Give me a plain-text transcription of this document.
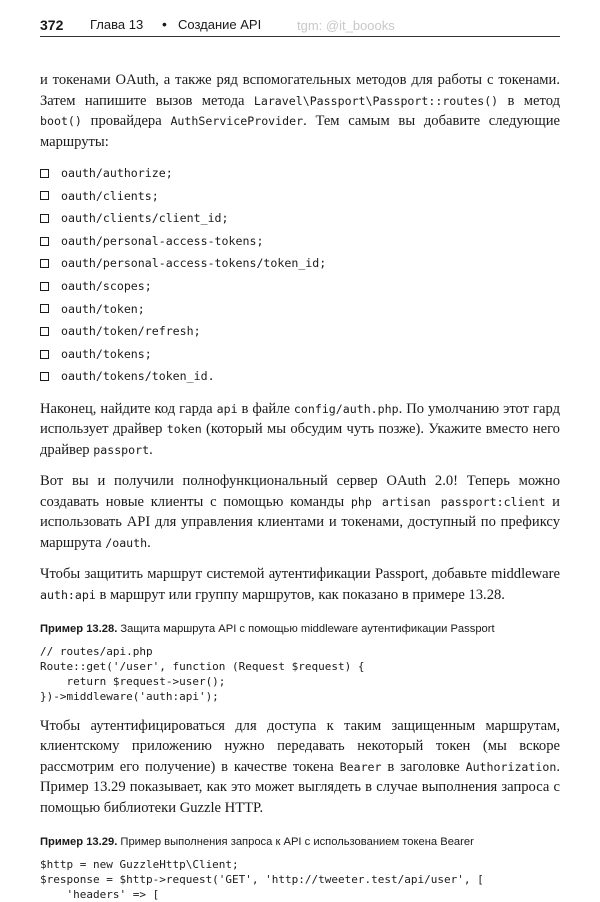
372 Глава 13 • Создание API	tgm: @it_boooks

и токенами OAuth, а также ряд вспомогательных методов для работы с токенами. Затем напишите вызов метода Laravel\Passport\Passport::routes() в метод boot() провайдера AuthServiceProvider. Тем самым вы добавите следующие маршруты:

oauth/authorize;
oauth/clients;
oauth/clients/client_id;
oauth/personal-access-tokens;
oauth/personal-access-tokens/token_id;
oauth/scopes;
oauth/token;
oauth/token/refresh;
oauth/tokens;
oauth/tokens/token_id.

Наконец, найдите код гарда api в файле config/auth.php. По умолчанию этот гард использует драйвер token (который мы обсудим чуть позже). Укажите вместо него драйвер passport.

Вот вы и получили полнофункциональный сервер OAuth 2.0! Теперь можно создавать новые клиенты с помощью команды php artisan passport:client и использовать API для управления клиентами и токенами, доступный по префиксу маршрута /oauth.

Чтобы защитить маршрут системой аутентификации Passport, добавьте middleware auth:api в маршрут или группу маршрутов, как показано в примере 13.28.

Пример 13.28. Защита маршрута API с помощью middleware аутентификации Passport
// routes/api.php
Route::get('/user', function (Request $request) {
return $request->user();
})->middleware('auth:api');

Чтобы аутентифицироваться для доступа к таким защищенным маршрутам, клиентскому приложению нужно передавать некоторый токен (мы вскоре рассмотрим его получение) в качестве токена Bearer в заголовке Authorization. Пример 13.29 показывает, как это может выглядеть в случае выполнения запроса с помощью библиотеки Guzzle HTTP.

Пример 13.29. Пример выполнения запроса к API с использованием токена Bearer
$http = new GuzzleHttp\Client;
$response = $http->request('GET', 'http://tweeter.test/api/user', [
'headers' => [
